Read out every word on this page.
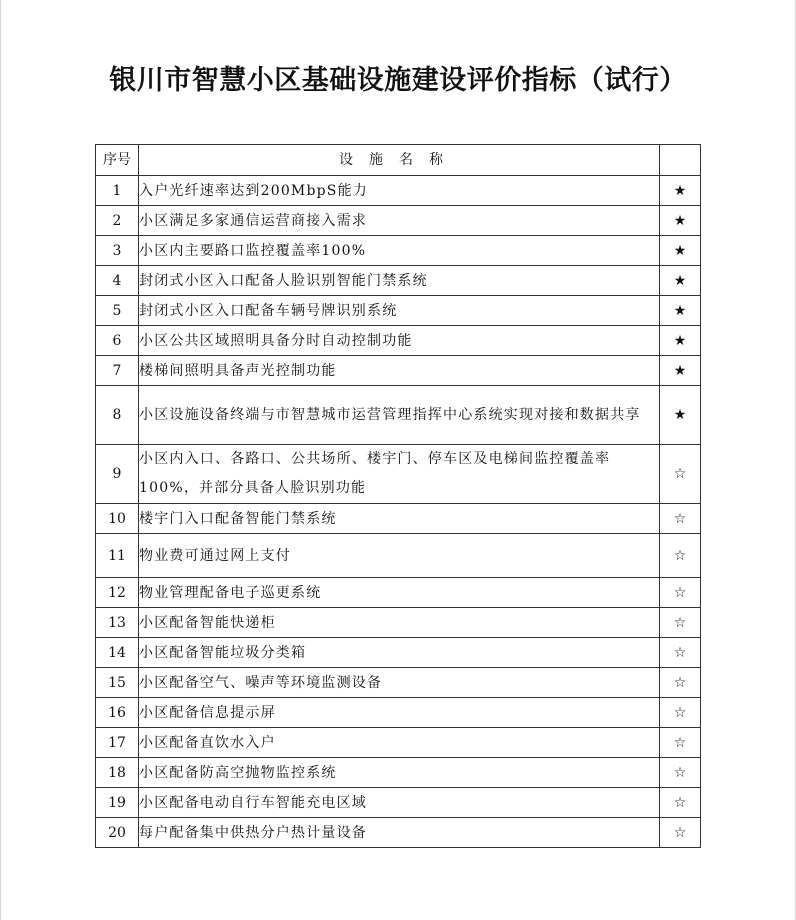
银川市智慧小区基础设施建设评价指标（试行）
序号	设施名称	
1	入户光纤速率达到200MbpS能力	★
2	小区满足多家通信运营商接入需求	★
3	小区内主要路口监控覆盖率100%	★
4	封闭式小区入口配备人脸识别智能门禁系统	★
5	封闭式小区入口配备车辆号牌识别系统	★
6	小区公共区域照明具备分时自动控制功能	★
7	楼梯间照明具备声光控制功能	★
8	小区设施设备终端与市智慧城市运营管理指挥中心系统实现对接和数据共享	★
9	小区内入口、各路口、公共场所、楼宇门、停车区及电梯间监控覆盖率100%，并部分具备人脸识别功能	☆
10	楼宇门入口配备智能门禁系统	☆
11	物业费可通过网上支付	☆
12	物业管理配备电子巡更系统	☆
13	小区配备智能快递柜	☆
14	小区配备智能垃圾分类箱	☆
15	小区配备空气、噪声等环境监测设备	☆
16	小区配备信息提示屏	☆
17	小区配备直饮水入户	☆
18	小区配备防高空抛物监控系统	☆
19	小区配备电动自行车智能充电区域	☆
20	每户配备集中供热分户热计量设备	☆
